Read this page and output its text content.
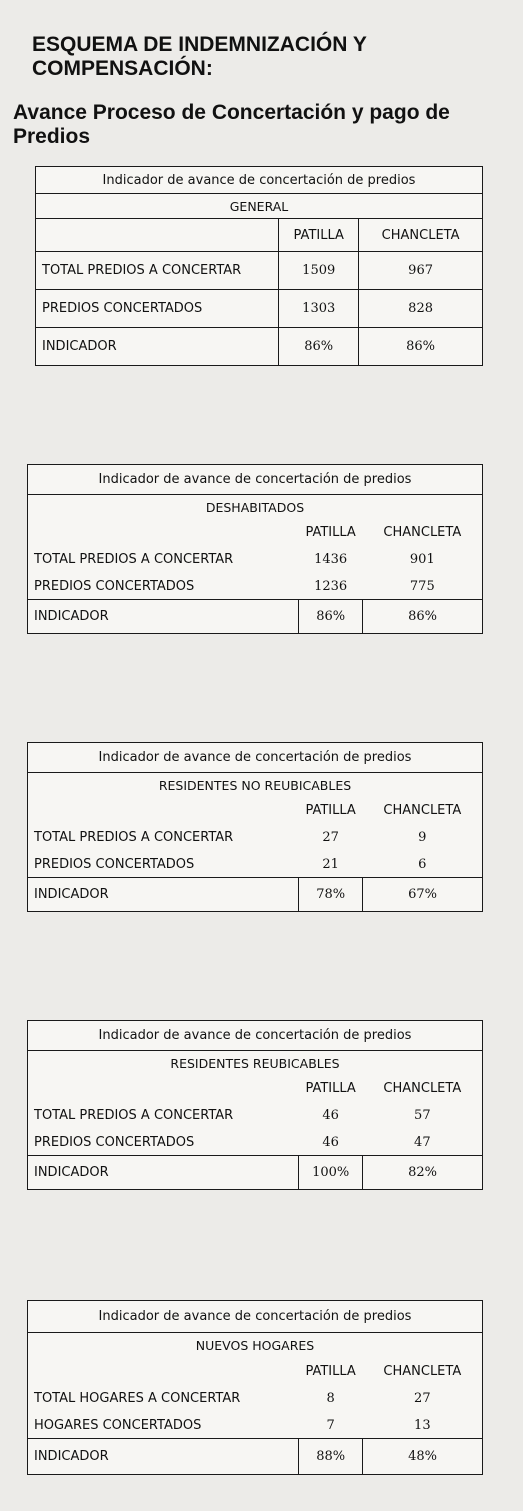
ESQUEMA DE INDEMNIZACIÓN Y COMPENSACIÓN:
Avance Proceso de Concertación y pago de Predios
Indicador de avance de concertación de predios		
GENERAL		
	PATILLA	CHANCLETA
TOTAL PREDIOS A CONCERTAR	1509	967
PREDIOS CONCERTADOS	1303	828
INDICADOR	86%	86%
Indicador de avance de concertación de predios		
DESHABITADOS		
	PATILLA	CHANCLETA
TOTAL PREDIOS A CONCERTAR	1436	901
PREDIOS CONCERTADOS	1236	775
INDICADOR	86%	86%
Indicador de avance de concertación de predios		
RESIDENTES NO REUBICABLES		
	PATILLA	CHANCLETA
TOTAL PREDIOS A CONCERTAR	27	9
PREDIOS CONCERTADOS	21	6
INDICADOR	78%	67%
Indicador de avance de concertación de predios		
RESIDENTES REUBICABLES		
	PATILLA	CHANCLETA
TOTAL PREDIOS A CONCERTAR	46	57
PREDIOS CONCERTADOS	46	47
INDICADOR	100%	82%
Indicador de avance de concertación de predios		
NUEVOS HOGARES		
	PATILLA	CHANCLETA
TOTAL HOGARES A CONCERTAR	8	27
HOGARES CONCERTADOS	7	13
INDICADOR	88%	48%
